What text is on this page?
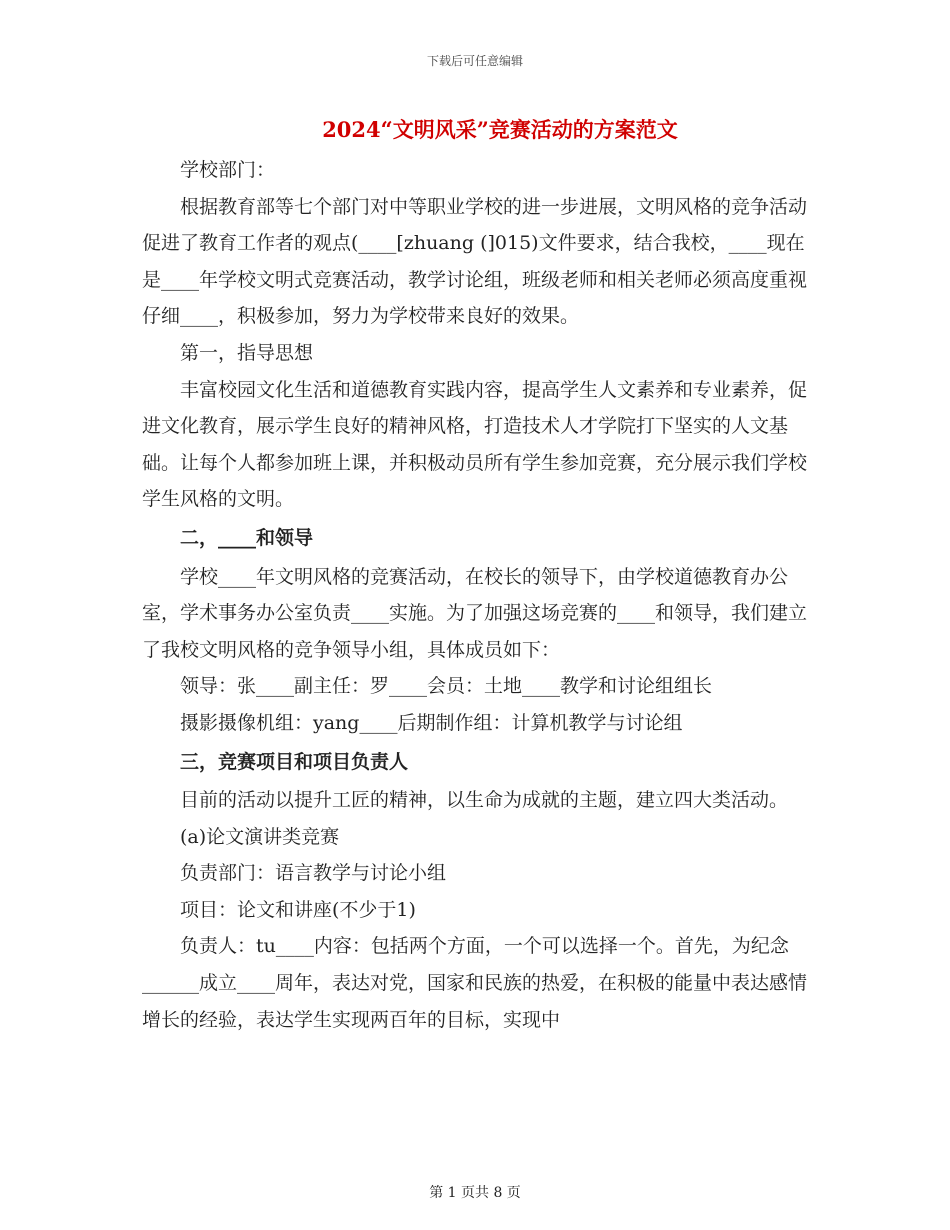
下载后可任意编辑
2024“文明风采”竞赛活动的方案范文

学校部门：

根据教育部等七个部门对中等职业学校的进一步进展，文明风格的竞争活动促进了教育工作者的观点(____[zhuang (]015)文件要求，结合我校，____现在是____年学校文明式竞赛活动，教学讨论组，班级老师和相关老师必须高度重视仔细____，积极参加，努力为学校带来良好的效果。

第一，指导思想

丰富校园文化生活和道德教育实践内容，提高学生人文素养和专业素养，促进文化教育，展示学生良好的精神风格，打造技术人才学院打下坚实的人文基础。让每个人都参加班上课，并积极动员所有学生参加竞赛，充分展示我们学校学生风格的文明。

二，____和领导

学校____年文明风格的竞赛活动，在校长的领导下，由学校道德教育办公室，学术事务办公室负责____实施。为了加强这场竞赛的____和领导，我们建立了我校文明风格的竞争领导小组，具体成员如下：

领导：张____副主任：罗____会员：土地____教学和讨论组组长

摄影摄像机组：yang____后期制作组：计算机教学与讨论组

三，竞赛项目和项目负责人

目前的活动以提升工匠的精神，以生命为成就的主题，建立四大类活动。

(a)论文演讲类竞赛

负责部门：语言教学与讨论小组

项目：论文和讲座(不少于1)

负责人：tu____内容：包括两个方面，一个可以选择一个。首先，为纪念______成立____周年，表达对党，国家和民族的热爱，在积极的能量中表达感情增长的经验，表达学生实现两百年的目标，实现中

第 1 页共 8 页
